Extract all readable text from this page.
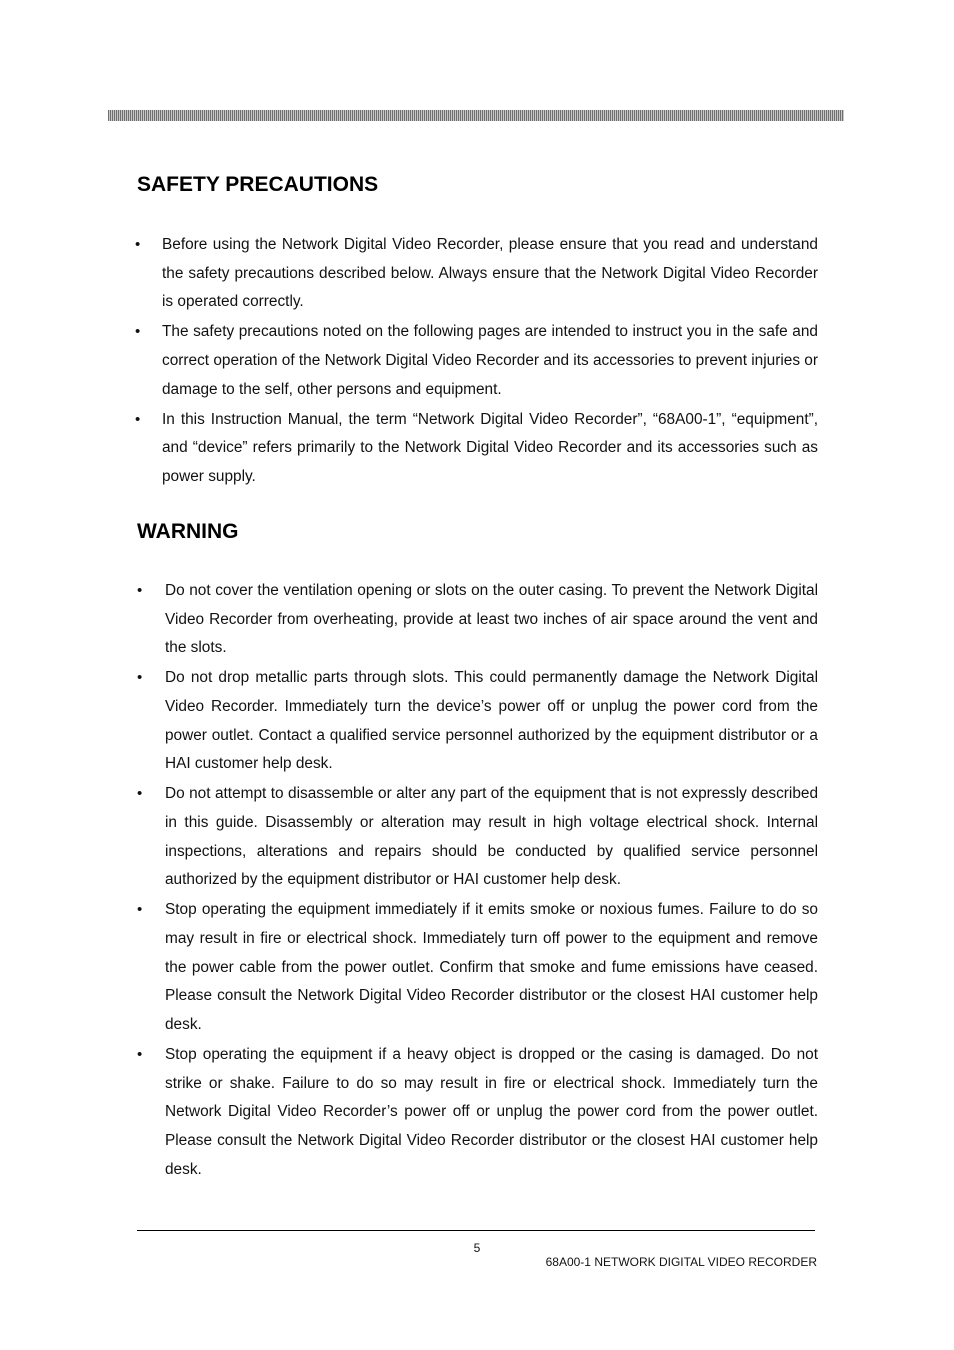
SAFETY PRECAUTIONS
• Before using the Network Digital Video Recorder, please ensure that you read and understand the safety precautions described below. Always ensure that the Network Digital Video Recorder is operated correctly.
• The safety precautions noted on the following pages are intended to instruct you in the safe and correct operation of the Network Digital Video Recorder and its accessories to prevent injuries or damage to the self, other persons and equipment.
• In this Instruction Manual, the term “Network Digital Video Recorder”, “68A00-1”, “equipment”, and “device” refers primarily to the Network Digital Video Recorder and its accessories such as power supply.
WARNING
• Do not cover the ventilation opening or slots on the outer casing. To prevent the Network Digital Video Recorder from overheating, provide at least two inches of air space around the vent and the slots.
• Do not drop metallic parts through slots. This could permanently damage the Network Digital Video Recorder. Immediately turn the device’s power off or unplug the power cord from the power outlet. Contact a qualified service personnel authorized by the equipment distributor or a HAI customer help desk.
• Do not attempt to disassemble or alter any part of the equipment that is not expressly described in this guide. Disassembly or alteration may result in high voltage electrical shock. Internal inspections, alterations and repairs should be conducted by qualified service personnel authorized by the equipment distributor or HAI customer help desk.
• Stop operating the equipment immediately if it emits smoke or noxious fumes. Failure to do so may result in fire or electrical shock. Immediately turn off power to the equipment and remove the power cable from the power outlet. Confirm that smoke and fume emissions have ceased. Please consult the Network Digital Video Recorder distributor or the closest HAI customer help desk.
• Stop operating the equipment if a heavy object is dropped or the casing is damaged. Do not strike or shake. Failure to do so may result in fire or electrical shock. Immediately turn the Network Digital Video Recorder’s power off or unplug the power cord from the power outlet. Please consult the Network Digital Video Recorder distributor or the closest HAI customer help desk.
5
68A00-1 NETWORK DIGITAL VIDEO RECORDER
